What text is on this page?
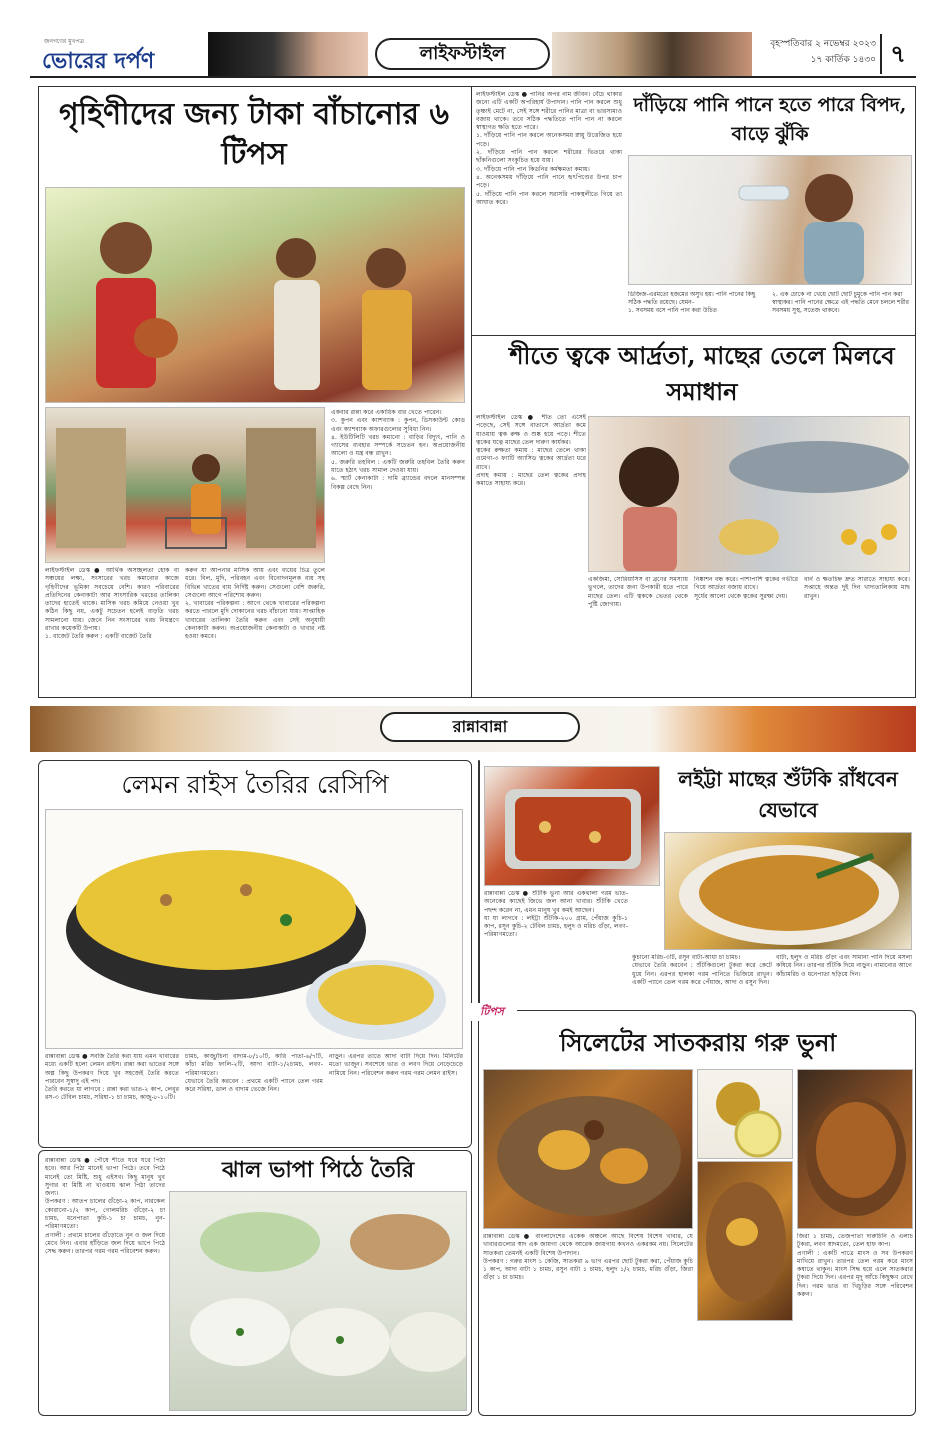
জনগণের মুখপত্র
ভোরের দর্পণ	লাইফস্টাইল	বৃহস্পতিবার ২ নভেম্বর ২০২৩
১৭ কার্তিক ১৪৩০ ৭
গৃহিণীদের জন্য টাকা বাঁচানোর ৬ টিপস
একবার রান্না করে একাধিক বার খেতে পারেন।
৩. কুপন এবং ক্যাশব্যাক : কুপন, ডিসকাউন্ট কোড এবং ক্যাশব্যাক অফারগুলোর সুবিধা নিন।
৪. ইউটিলিটি খরচ কমানো : বাড়ির বিদ্যুৎ, পানি ও গ্যাসের ব্যবহার সম্পর্কে সচেতন হন। অপ্রয়োজনীয় আলো ও যন্ত্র বন্ধ রাখুন।
৫. জরুরি তহবিল : একটি জরুরি তহবিল তৈরি করুন যাতে হঠাৎ খরচ সামাল দেওয়া যায়।
৬. স্মার্ট কেনাকাটা : দামি ব্র্যান্ডের বদলে মানসম্পন্ন বিকল্প বেছে নিন।
লাইফস্টাইল ডেস্ক ● আর্থিক অসচ্ছলতা হোক বা সঞ্চয়ের লক্ষ্য, সংসারের খরচ কমানোর কাজে গৃহিণীদের ভূমিকা সবচেয়ে বেশি। কারণ পরিবারের প্রতিদিনের কেনাকাটা আর সাংসারিক খরচের তালিকা তাদের হাতেই থাকে। মাসিক খরচ কমিয়ে নেওয়া খুব কঠিন কিছু নয়, একটু সচেতন হলেই বাড়তি খরচ সামলানো যায়। জেনে নিন সংসারের খরচ নিয়ন্ত্রণে রাখার কয়েকটি উপায়।
১. বাজেট তৈরি করুন : একটি বাজেট তৈরি
করুন যা আপনার মাসিক আয় এবং ব্যয়ের চিত্র তুলে ধরে। বিল, মুদি, পরিবহন এবং বিনোদনমূলক ব্যয় সহ বিভিন্ন খাতের ব্যয় নির্দিষ্ট করুন। সেগুলো বেশি জরুরি, সেগুলো আগে পরিশোধ করুন।
২. খাবারের পরিকল্পনা : আগে থেকে খাবারের পরিকল্পনা করতে পারলে মুদি দোকানের খরচ বাঁচানো যায়। সাপ্তাহিক খাবারের তালিকা তৈরি করুন এবং সেই অনুযায়ী কেনাকাটা করুন। অপ্রয়োজনীয় কেনাকাটা ও খাবার নষ্ট হওয়া কমবে।
লাইফস্টাইল ডেস্ক ● পানির অপর নাম জীবন। বেঁচে থাকার জন্যে এটি একটি অপরিহার্য উপাদান। পানি পান করলে শুধু তৃষ্ণাই মেটে না, সেই সঙ্গে শরীরে পানির মাত্রা বা ভারসাম্যও বজায় থাকে। তবে সঠিক পদ্ধতিতে পানি পান না করলে স্বাস্থ্যগত ক্ষতি হতে পারে।
১. দাঁড়িয়ে পানি পান করলে অনেকসময় স্নায়ু উত্তেজিত হয়ে পড়ে।
২. দাঁড়িয়ে পানি পান করলে শরীরের ভিতরে থাকা ছাঁকনিগুলো সংকুচিত হয়ে যায়।
৩. দাঁড়িয়ে পানি পান কিডনির কর্মক্ষমতা কমায়।
৪. অনেকসময় দাঁড়িয়ে পানি পানে হৃৎপিণ্ডের উপর চাপ পড়ে।
৫. দাঁড়িয়ে পানি পান করলে সরাসরি পাকস্থলীতে গিয়ে তা আঘাত করে।
দাঁড়িয়ে পানি পানে হতে পারে বিপদ, বাড়ে ঝুঁকি
ডিজিজ-এরমতো হজমের অসুখ হয়। পানি পানের কিছু সঠিক পদ্ধতি রয়েছে। যেমন-
১. সবসময় বসে পানি পান করা উচিত
২. এক চোকে না খেয়ে ছোট ছোট চুমুকে পানি পান করা স্বাস্থ্যকর। পানি পানের ক্ষেত্রে এই পদ্ধতি মেনে চললে শরীর সবসময় সুস্থ, সতেজ থাকবে।
শীতে ত্বকে আর্দ্রতা, মাছের তেলে মিলবে সমাধান
লাইফস্টাইল ডেস্ক ● শীত তো এসেই পড়েছে, সেই সঙ্গে বাতাসে আর্দ্রতা কমে যাওয়ায় ত্বক রুক্ষ ও শুষ্ক হয়ে পড়ে। শীতে ত্বকের যত্নে মাছের তেল দারুণ কার্যকর।
ত্বকের রুক্ষতা কমায় : মাছের তেলে থাকা ওমেগা-৩ ফ্যাটি অ্যাসিড ত্বকের আর্দ্রতা ধরে রাখে।
প্রদাহ কমায় : মাছের তেল ত্বকের প্রদাহ কমাতে সাহায্য করে।
একজিমা, সোরিয়াসিস বা ব্রণের সমস্যায় ভুগলে, তাদের জন্য উপকারী হতে পারে মাছের তেল। এটি ত্বককে ভেতর থেকে পুষ্টি জোগায়।
নিষ্কাশন বন্ধ করে। পাশাপাশি ত্বকের গভীরে গিয়ে আর্দ্রতা বজায় রাখে।
সূর্যের আলো থেকে ত্বকের সুরক্ষা দেয়।
বার্ন ও ক্ষতচিহ্ন দ্রুত সারাতে সাহায্য করে। সপ্তাহে অন্তত দুই দিন খাদ্যতালিকায় মাছ রাখুন।
রান্নাবান্না
লেমন রাইস তৈরির রেসিপি
রান্নাবান্না ডেস্ক ● সবজি তৈরি করা যায় এমন খাবারের মধ্যে একটি হলো লেমন রাইস। রান্না করা ভাতের সঙ্গে অল্প কিছু উপকরণ দিয়ে খুব সহজেই তৈরি করতে পারবেন সুস্বাদু এই পদ।
তৈরি করতে যা লাগবে : রান্না করা ভাত-২ কাপ, লেবুর রস-৩ টেবিল চামচ, সরিষা-১ চা চামচ, কাজু-৮-১০টি।
চামচ, কাজু/চিনা বাদাম-৮/১০টি, কারি পাতা-৬/৭টি, কাঁচা মরিচ ফালি-২টি, আদা বাটা-১/২চামচ, লবণ-পরিমাণমতো।
যেভাবে তৈরি করবেন : প্রথমে একটি প্যানে তেল গরম করে সরিষা, ডাল ও বাদাম ভেজে নিন।
নাড়ুন। এরপর তাতে আদা বাটা দিয়ে দিন। মিনিটের মতো ভাজুন। সবশেষে ভাত ও লবণ দিয়ে নেড়েচেড়ে নামিয়ে নিন। পরিবেশন করুন গরম গরম লেমন রাইস।
রান্নাবান্না ডেস্ক ● পৌষে শীতে ঘরে ঘরে পিঠা হবে। আর পিঠা মানেই ভাপা পিঠে। তবে পিঠে মানেই তো মিষ্টি, শুধু এইসব। কিছু মানুষ খুব সুগার বা মিষ্টি না খাওয়ায় ঝাল পিঠা তাদের জন্য।
উপকরণ : আতপ চালের গুঁড়ো-২ কাপ, নারকেল কোরানো-১/২ কাপ, গোলমরিচ গুঁড়ো-২ চা চামচ, ধনেপাতা কুচি-১ চা চামচ, নুন-পরিমাণমতো।
প্রণালী : প্রথমে চালের গুঁড়োতে নুন ও জল দিয়ে মেখে নিন। এবার হাঁড়িতে জল দিয়ে ভাপে পিঠে সেদ্ধ করুন। তারপর গরম গরম পরিবেশন করুন।
ঝাল ভাপা পিঠে তৈরি
লইট্টা মাছের শুঁটকি রাঁধবেন যেভাবে
রান্নাবান্না ডেস্ক ● শুঁটকি ভুনা আর একথালা গরম ভাত-অনেকের কাছেই জিভে জল আনা খাবার। শুঁটকি খেতে পছন্দ করেন না, এমন মানুষ খুব কমই আছেন।
যা যা লাগবে : লইট্টা শুঁটকি-২০০ গ্রাম, পেঁয়াজ কুচি-১ কাপ, রসুন কুচি-২ টেবিল চামচ, হলুদ ও মরিচ গুঁড়া, লবণ-পরিমাণমতো।
কুচানো মরিচ-৩টি, রসুন বাটা-আধা চা চামচ।
যেভাবে তৈরি করবেন : শুঁটকিগুলো টুকরা করে কেটে ধুয়ে নিন। এরপর হালকা গরম পানিতে ভিজিয়ে রাখুন। একটি প্যানে তেল গরম করে পেঁয়াজ, আদা ও রসুন দিন।
বাটা, হলুদ ও মরিচ গুঁড়া এবং সামান্য পানি দিয়ে মসলা কষিয়ে নিন। তারপর শুঁটকি দিয়ে নাড়ুন। নামানোর আগে কাঁচামরিচ ও ধনেপাতা ছড়িয়ে দিন।
টিপস
সিলেটের সাতকরায় গরু ভুনা
রান্নাবান্না ডেস্ক ● বাংলাদেশের একেক অঞ্চলে আছে বিশেষ বিশেষ খাবার, যে খাবারগুলোর স্বাদ এক জায়গা থেকে আরেক জায়গায় কখনও একরকম নয়। সিলেটের সাতকরা তেমনই একটি বিশেষ উপাদান।
উপকরণ : গরুর মাংস ১ কেজি, সাতকরা ৯ ভাগ এরপর ছোট টুকরা করা, পেঁয়াজ কুচি ১ কাপ, আদা বাটা ১ চামচ, রসুন বাটা ১ চামচ, হলুদ ১/২ চামচ, মরিচ গুঁড়া, জিরা গুঁড়া ১ চা চামচ।
জিরা ১ চামচ, তেজপাতা দারুচিনি ও এলাচ টুকরা, লবণ স্বাদমতো, তেল হাফ কাপ।
প্রণালী : একটি পাত্রে মাংস ও সব উপকরণ মাখিয়ে রাখুন। তারপর তেল গরম করে মাংস কষাতে থাকুন। মাংস সিদ্ধ হয়ে এলে সাতকরার টুকরা দিয়ে দিন। এরপর মৃদু আঁচে কিছুক্ষণ রেখে দিন। গরম ভাত বা খিচুড়ির সঙ্গে পরিবেশন করুন।
